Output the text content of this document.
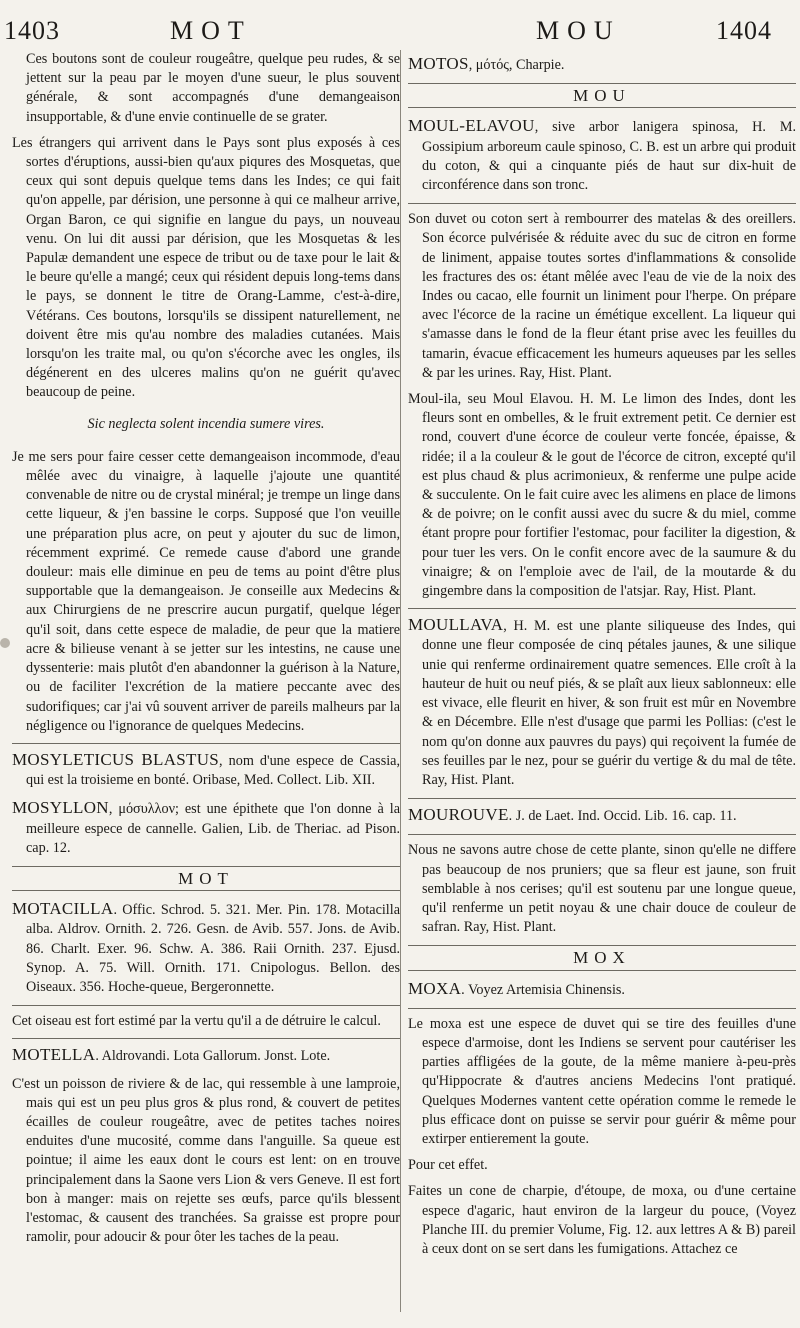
1403	MOT	MOU	1404

Ces boutons sont de couleur rougeâtre, quelque peu rudes, & se jettent sur la peau par le moyen d'une sueur, le plus souvent générale, & sont accompagnés d'une demangeaison insupportable, & d'une envie continuelle de se grater.

Les étrangers qui arrivent dans le Pays sont plus exposés à ces sortes d'éruptions, aussi-bien qu'aux piqures des Mosquetas, que ceux qui sont depuis quelque tems dans les Indes; ce qui fait qu'on appelle, par dérision, une personne à qui ce malheur arrive, Organ Baron, ce qui signifie en langue du pays, un nouveau venu. On lui dit aussi par dérision, que les Mosquetas & les Papulæ demandent une espece de tribut ou de taxe pour le lait & le beure qu'elle a mangé; ceux qui résident depuis long-tems dans le pays, se donnent le titre de Orang-Lamme, c'est-à-dire, Vétérans. Ces boutons, lorsqu'ils se dissipent naturellement, ne doivent être mis qu'au nombre des maladies cutanées. Mais lorsqu'on les traite mal, ou qu'on s'écorche avec les ongles, ils dégénerent en des ulceres malins qu'on ne guérit qu'avec beaucoup de peine.

Sic neglecta solent incendia sumere vires.

Je me sers pour faire cesser cette demangeaison incommode, d'eau mêlée avec du vinaigre, à laquelle j'ajoute une quantité convenable de nitre ou de crystal minéral; je trempe un linge dans cette liqueur, & j'en bassine le corps. Supposé que l'on veuille une préparation plus acre, on peut y ajouter du suc de limon, récemment exprimé. Ce remede cause d'abord une grande douleur: mais elle diminue en peu de tems au point d'être plus supportable que la demangeaison. Je conseille aux Medecins & aux Chirurgiens de ne prescrire aucun purgatif, quelque léger qu'il soit, dans cette espece de maladie, de peur que la matiere acre & bilieuse venant à se jetter sur les intestins, ne cause une dyssenterie: mais plutôt d'en abandonner la guérison à la Nature, ou de faciliter l'excrétion de la matiere peccante avec des sudorifiques; car j'ai vû souvent arriver de pareils malheurs par la négligence ou l'ignorance de quelques Medecins.

MOSYLETICUS BLASTUS, nom d'une espece de Cassia, qui est la troisieme en bonté. Oribase, Med. Collect. Lib. XII.

MOSYLLON, μόσυλλον; est une épithete que l'on donne à la meilleure espece de cannelle. Galien, Lib. de Theriac. ad Pison. cap. 12.

MOT

MOTACILLA. Offic. Schrod. 5. 321. Mer. Pin. 178. Motacilla alba. Aldrov. Ornith. 2. 726. Gesn. de Avib. 557. Jons. de Avib. 86. Charlt. Exer. 96. Schw. A. 386. Raii Ornith. 237. Ejusd. Synop. A. 75. Will. Ornith. 171. Cnipologus. Bellon. des Oiseaux. 356. Hoche-queue, Bergeronnette.

Cet oiseau est fort estimé par la vertu qu'il a de détruire le calcul.

MOTELLA. Aldrovandi. Lota Gallorum. Jonst. Lote.

C'est un poisson de riviere & de lac, qui ressemble à une lamproie, mais qui est un peu plus gros & plus rond, & couvert de petites écailles de couleur rougeâtre, avec de petites taches noires enduites d'une mucosité, comme dans l'anguille. Sa queue est pointue; il aime les eaux dont le cours est lent: on en trouve principalement dans la Saone vers Lion & vers Geneve. Il est fort bon à manger: mais on rejette ses œufs, parce qu'ils blessent l'estomac, & causent des tranchées. Sa graisse est propre pour ramolir, pour adoucir & pour ôter les taches de la peau.

MOTOS, μότός, Charpie.

MOU

MOUL-ELAVOU, sive arbor lanigera spinosa, H. M. Gossipium arboreum caule spinoso, C. B. est un arbre qui produit du coton, & qui a cinquante piés de haut sur dix-huit de circonférence dans son tronc.

Son duvet ou coton sert à rembourrer des matelas & des oreillers. Son écorce pulvérisée & réduite avec du suc de citron en forme de liniment, appaise toutes sortes d'inflammations & consolide les fractures des os: étant mêlée avec l'eau de vie de la noix des Indes ou cacao, elle fournit un liniment pour l'herpe. On prépare avec l'écorce de la racine un émétique excellent. La liqueur qui s'amasse dans le fond de la fleur étant prise avec les feuilles du tamarin, évacue efficacement les humeurs aqueuses par les selles & par les urines. Ray, Hist. Plant.

Moul-ila, seu Moul Elavou. H. M. Le limon des Indes, dont les fleurs sont en ombelles, & le fruit extrement petit. Ce dernier est rond, couvert d'une écorce de couleur verte foncée, épaisse, & ridée; il a la couleur & le gout de l'écorce de citron, excepté qu'il est plus chaud & plus acrimonieux, & renferme une pulpe acide & succulente. On le fait cuire avec les alimens en place de limons & de poivre; on le confit aussi avec du sucre & du miel, comme étant propre pour fortifier l'estomac, pour faciliter la digestion, & pour tuer les vers. On le confit encore avec de la saumure & du vinaigre; & on l'emploie avec de l'ail, de la moutarde & du gingembre dans la composition de l'atsjar. Ray, Hist. Plant.

MOULLAVA, H. M. est une plante siliqueuse des Indes, qui donne une fleur composée de cinq pétales jaunes, & une silique unie qui renferme ordinairement quatre semences. Elle croît à la hauteur de huit ou neuf piés, & se plaît aux lieux sablonneux: elle est vivace, elle fleurit en hiver, & son fruit est mûr en Novembre & en Décembre. Elle n'est d'usage que parmi les Pollias: (c'est le nom qu'on donne aux pauvres du pays) qui reçoivent la fumée de ses feuilles par le nez, pour se guérir du vertige & du mal de tête. Ray, Hist. Plant.

MOUROUVE. J. de Laet. Ind. Occid. Lib. 16. cap. 11.

Nous ne savons autre chose de cette plante, sinon qu'elle ne differe pas beaucoup de nos pruniers; que sa fleur est jaune, son fruit semblable à nos cerises; qu'il est soutenu par une longue queue, qu'il renferme un petit noyau & une chair douce de couleur de safran. Ray, Hist. Plant.

MOX

MOXA. Voyez Artemisia Chinensis.

Le moxa est une espece de duvet qui se tire des feuilles d'une espece d'armoise, dont les Indiens se servent pour cautériser les parties affligées de la goute, de la même maniere à-peu-près qu'Hippocrate & d'autres anciens Medecins l'ont pratiqué. Quelques Modernes vantent cette opération comme le remede le plus efficace dont on puisse se servir pour guérir & même pour extirper entierement la goute.

Pour cet effet.

Faites un cone de charpie, d'étoupe, de moxa, ou d'une certaine espece d'agaric, haut environ de la largeur du pouce, (Voyez Planche III. du premier Volume, Fig. 12. aux lettres A & B) pareil à ceux dont on se sert dans les fumigations. Attachez ce
